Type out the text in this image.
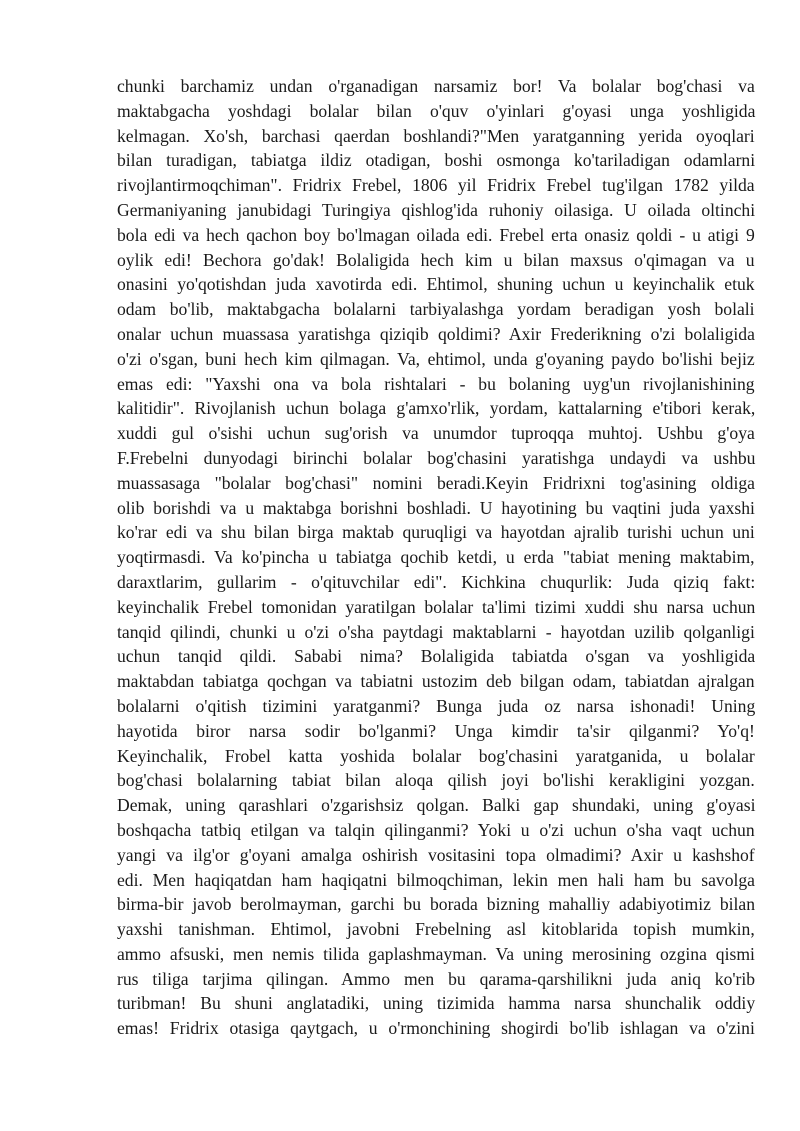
chunki barchamiz undan o'rganadigan narsamiz bor! Va bolalar bog'chasi va
maktabgacha yoshdagi bolalar bilan o'quv o'yinlari g'oyasi unga yoshligida
kelmagan. Xo'sh, barchasi qaerdan boshlandi?"Men yaratganning yerida oyoqlari
bilan turadigan, tabiatga ildiz otadigan, boshi osmonga ko'tariladigan odamlarni
rivojlantirmoqchiman". Fridrix Frebel, 1806 yil Fridrix Frebel tug'ilgan 1782 yilda
Germaniyaning janubidagi Turingiya qishlog'ida ruhoniy oilasiga. U oilada oltinchi
bola edi va hech qachon boy bo'lmagan oilada edi. Frebel erta onasiz qoldi - u atigi 9
oylik edi! Bechora go'dak! Bolaligida hech kim u bilan maxsus o'qimagan va u
onasini yo'qotishdan juda xavotirda edi. Ehtimol, shuning uchun u keyinchalik etuk
odam bo'lib, maktabgacha bolalarni tarbiyalashga yordam beradigan yosh bolali
onalar uchun muassasa yaratishga qiziqib qoldimi? Axir Frederikning o'zi bolaligida
o'zi o'sgan, buni hech kim qilmagan. Va, ehtimol, unda g'oyaning paydo bo'lishi bejiz
emas edi: "Yaxshi ona va bola rishtalari - bu bolaning uyg'un rivojlanishining
kalitidir". Rivojlanish uchun bolaga g'amxo'rlik, yordam, kattalarning e'tibori kerak,
xuddi gul o'sishi uchun sug'orish va unumdor tuproqqa muhtoj. Ushbu g'oya
F.Frebelni dunyodagi birinchi bolalar bog'chasini yaratishga undaydi va ushbu
muassasaga "bolalar bog'chasi" nomini beradi.Keyin Fridrixni tog'asining oldiga
olib borishdi va u maktabga borishni boshladi. U hayotining bu vaqtini juda yaxshi
ko'rar edi va shu bilan birga maktab quruqligi va hayotdan ajralib turishi uchun uni
yoqtirmasdi. Va ko'pincha u tabiatga qochib ketdi, u erda "tabiat mening maktabim,
daraxtlarim, gullarim - o'qituvchilar edi". Kichkina chuqurlik: Juda qiziq fakt:
keyinchalik Frebel tomonidan yaratilgan bolalar ta'limi tizimi xuddi shu narsa uchun
tanqid qilindi, chunki u o'zi o'sha paytdagi maktablarni - hayotdan uzilib qolganligi
uchun tanqid qildi. Sababi nima? Bolaligida tabiatda o'sgan va yoshligida
maktabdan tabiatga qochgan va tabiatni ustozim deb bilgan odam, tabiatdan ajralgan
bolalarni o'qitish tizimini yaratganmi? Bunga juda oz narsa ishonadi! Uning
hayotida biror narsa sodir bo'lganmi? Unga kimdir ta'sir qilganmi? Yo'q!
Keyinchalik, Frobel katta yoshida bolalar bog'chasini yaratganida, u bolalar
bog'chasi bolalarning tabiat bilan aloqa qilish joyi bo'lishi kerakligini yozgan.
Demak, uning qarashlari o'zgarishsiz qolgan. Balki gap shundaki, uning g'oyasi
boshqacha tatbiq etilgan va talqin qilinganmi? Yoki u o'zi uchun o'sha vaqt uchun
yangi va ilg'or g'oyani amalga oshirish vositasini topa olmadimi? Axir u kashshof
edi. Men haqiqatdan ham haqiqatni bilmoqchiman, lekin men hali ham bu savolga
birma-bir javob berolmayman, garchi bu borada bizning mahalliy adabiyotimiz bilan
yaxshi tanishman. Ehtimol, javobni Frebelning asl kitoblarida topish mumkin,
ammo afsuski, men nemis tilida gaplashmayman. Va uning merosining ozgina qismi
rus tiliga tarjima qilingan. Ammo men bu qarama-qarshilikni juda aniq ko'rib
turibman! Bu shuni anglatadiki, uning tizimida hamma narsa shunchalik oddiy
emas! Fridrix otasiga qaytgach, u o'rmonchining shogirdi bo'lib ishlagan va o'zini
